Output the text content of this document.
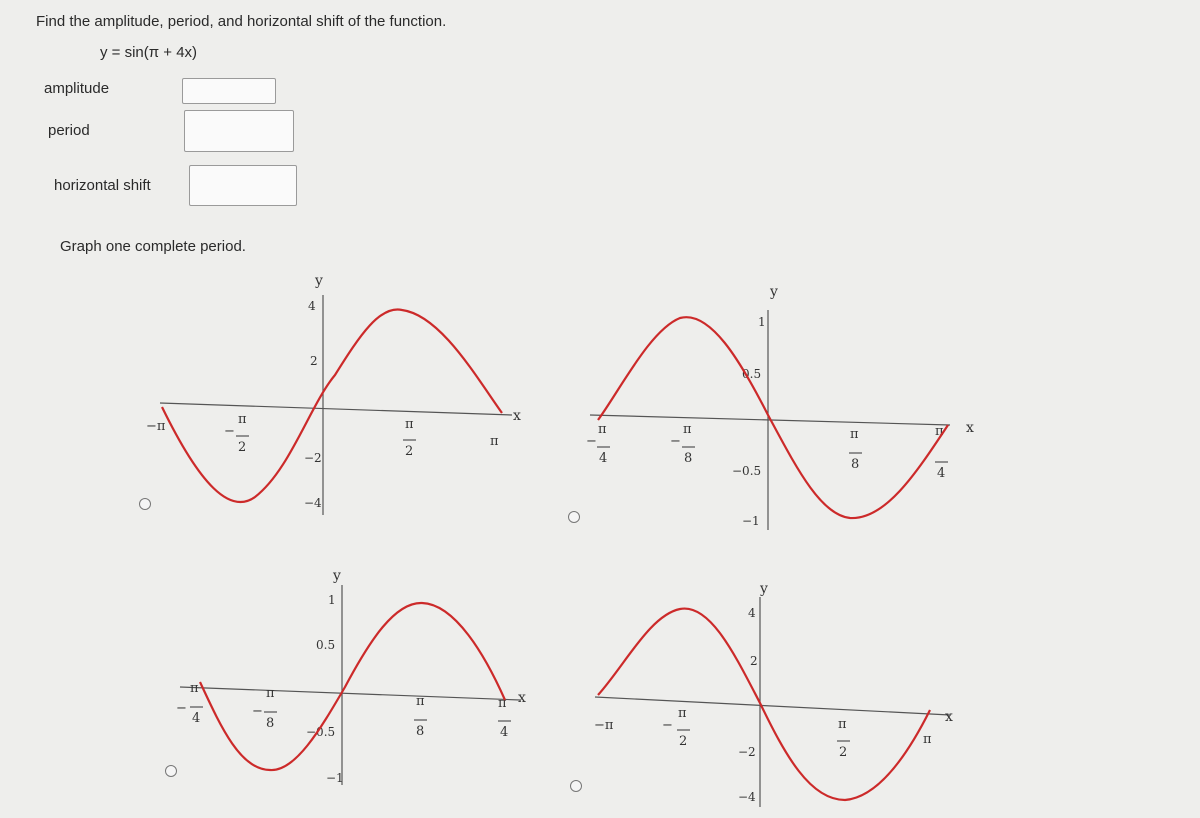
Find the amplitude, period, and horizontal shift of the function.
y = sin(π + 4x)
amplitude
period
horizontal shift
Graph one complete period.
y
x
4
2
−2
−4
−π	−
π
2
π
2
π
y
x
1
0.5
−0.5
−1
−
π
4
−
π
8
π
8
π
4
y
x
1
0.5
−0.5
−1
−
π
4	−
π
8
π
8
π
4
y
x
4
2
−2
−4
−π	−
π
2
π
2
π
